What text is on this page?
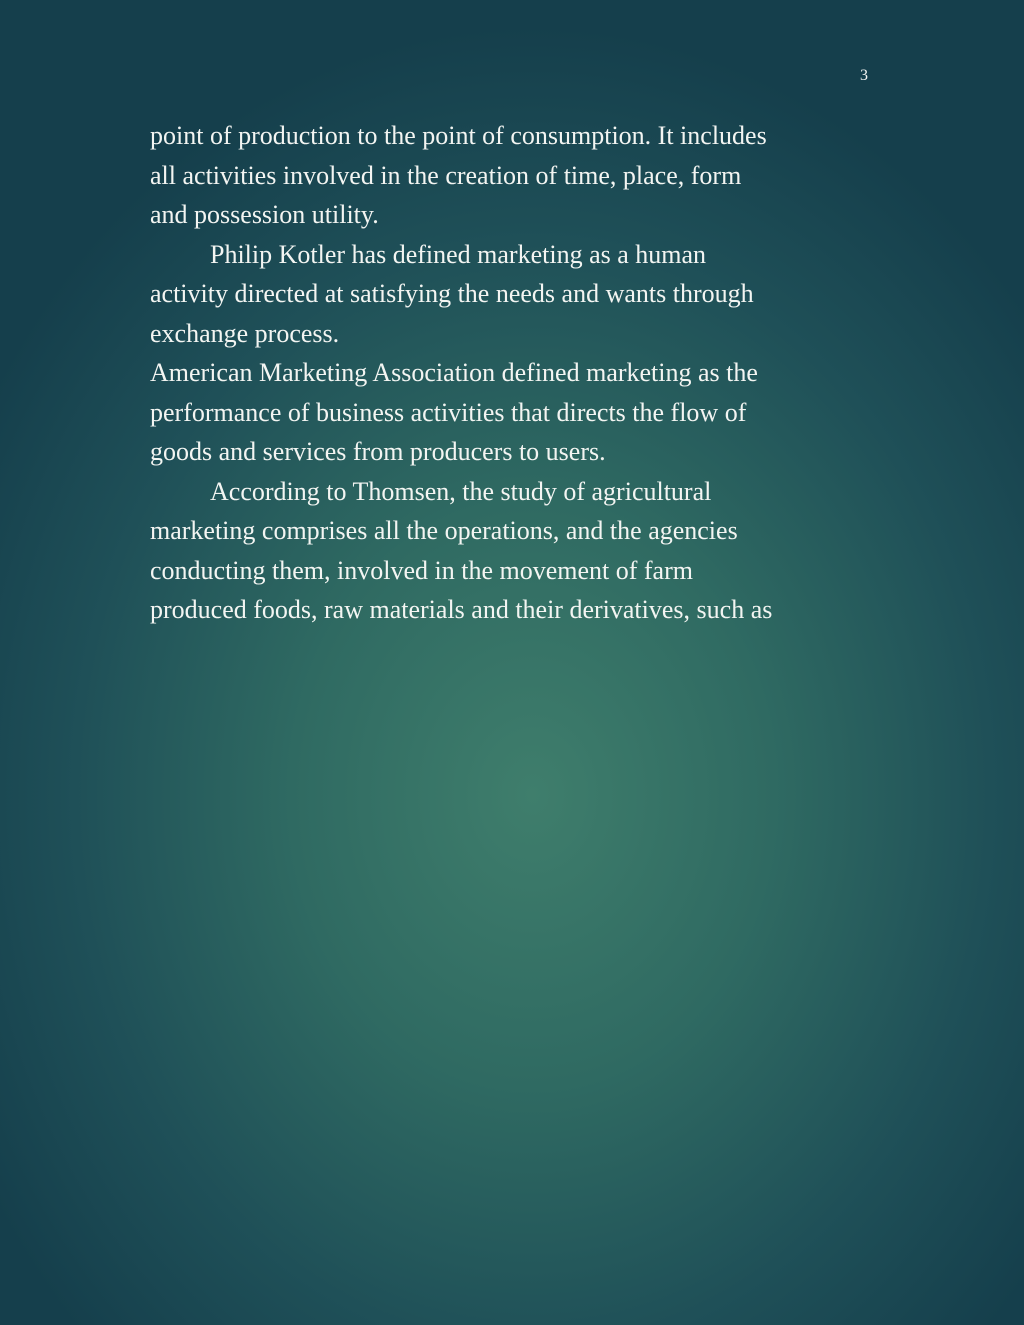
3

point of production to the point of consumption. It includes

all activities involved in the creation of time, place, form

and possession utility.

Philip Kotler has defined marketing as a human

activity directed at satisfying the needs and wants through

exchange process.

American Marketing Association defined marketing as the

performance of business activities that directs the flow of

goods and services from producers to users.

According to Thomsen, the study of agricultural

marketing comprises all the operations, and the agencies

conducting them, involved in the movement of farm

produced foods, raw materials and their derivatives, such as
